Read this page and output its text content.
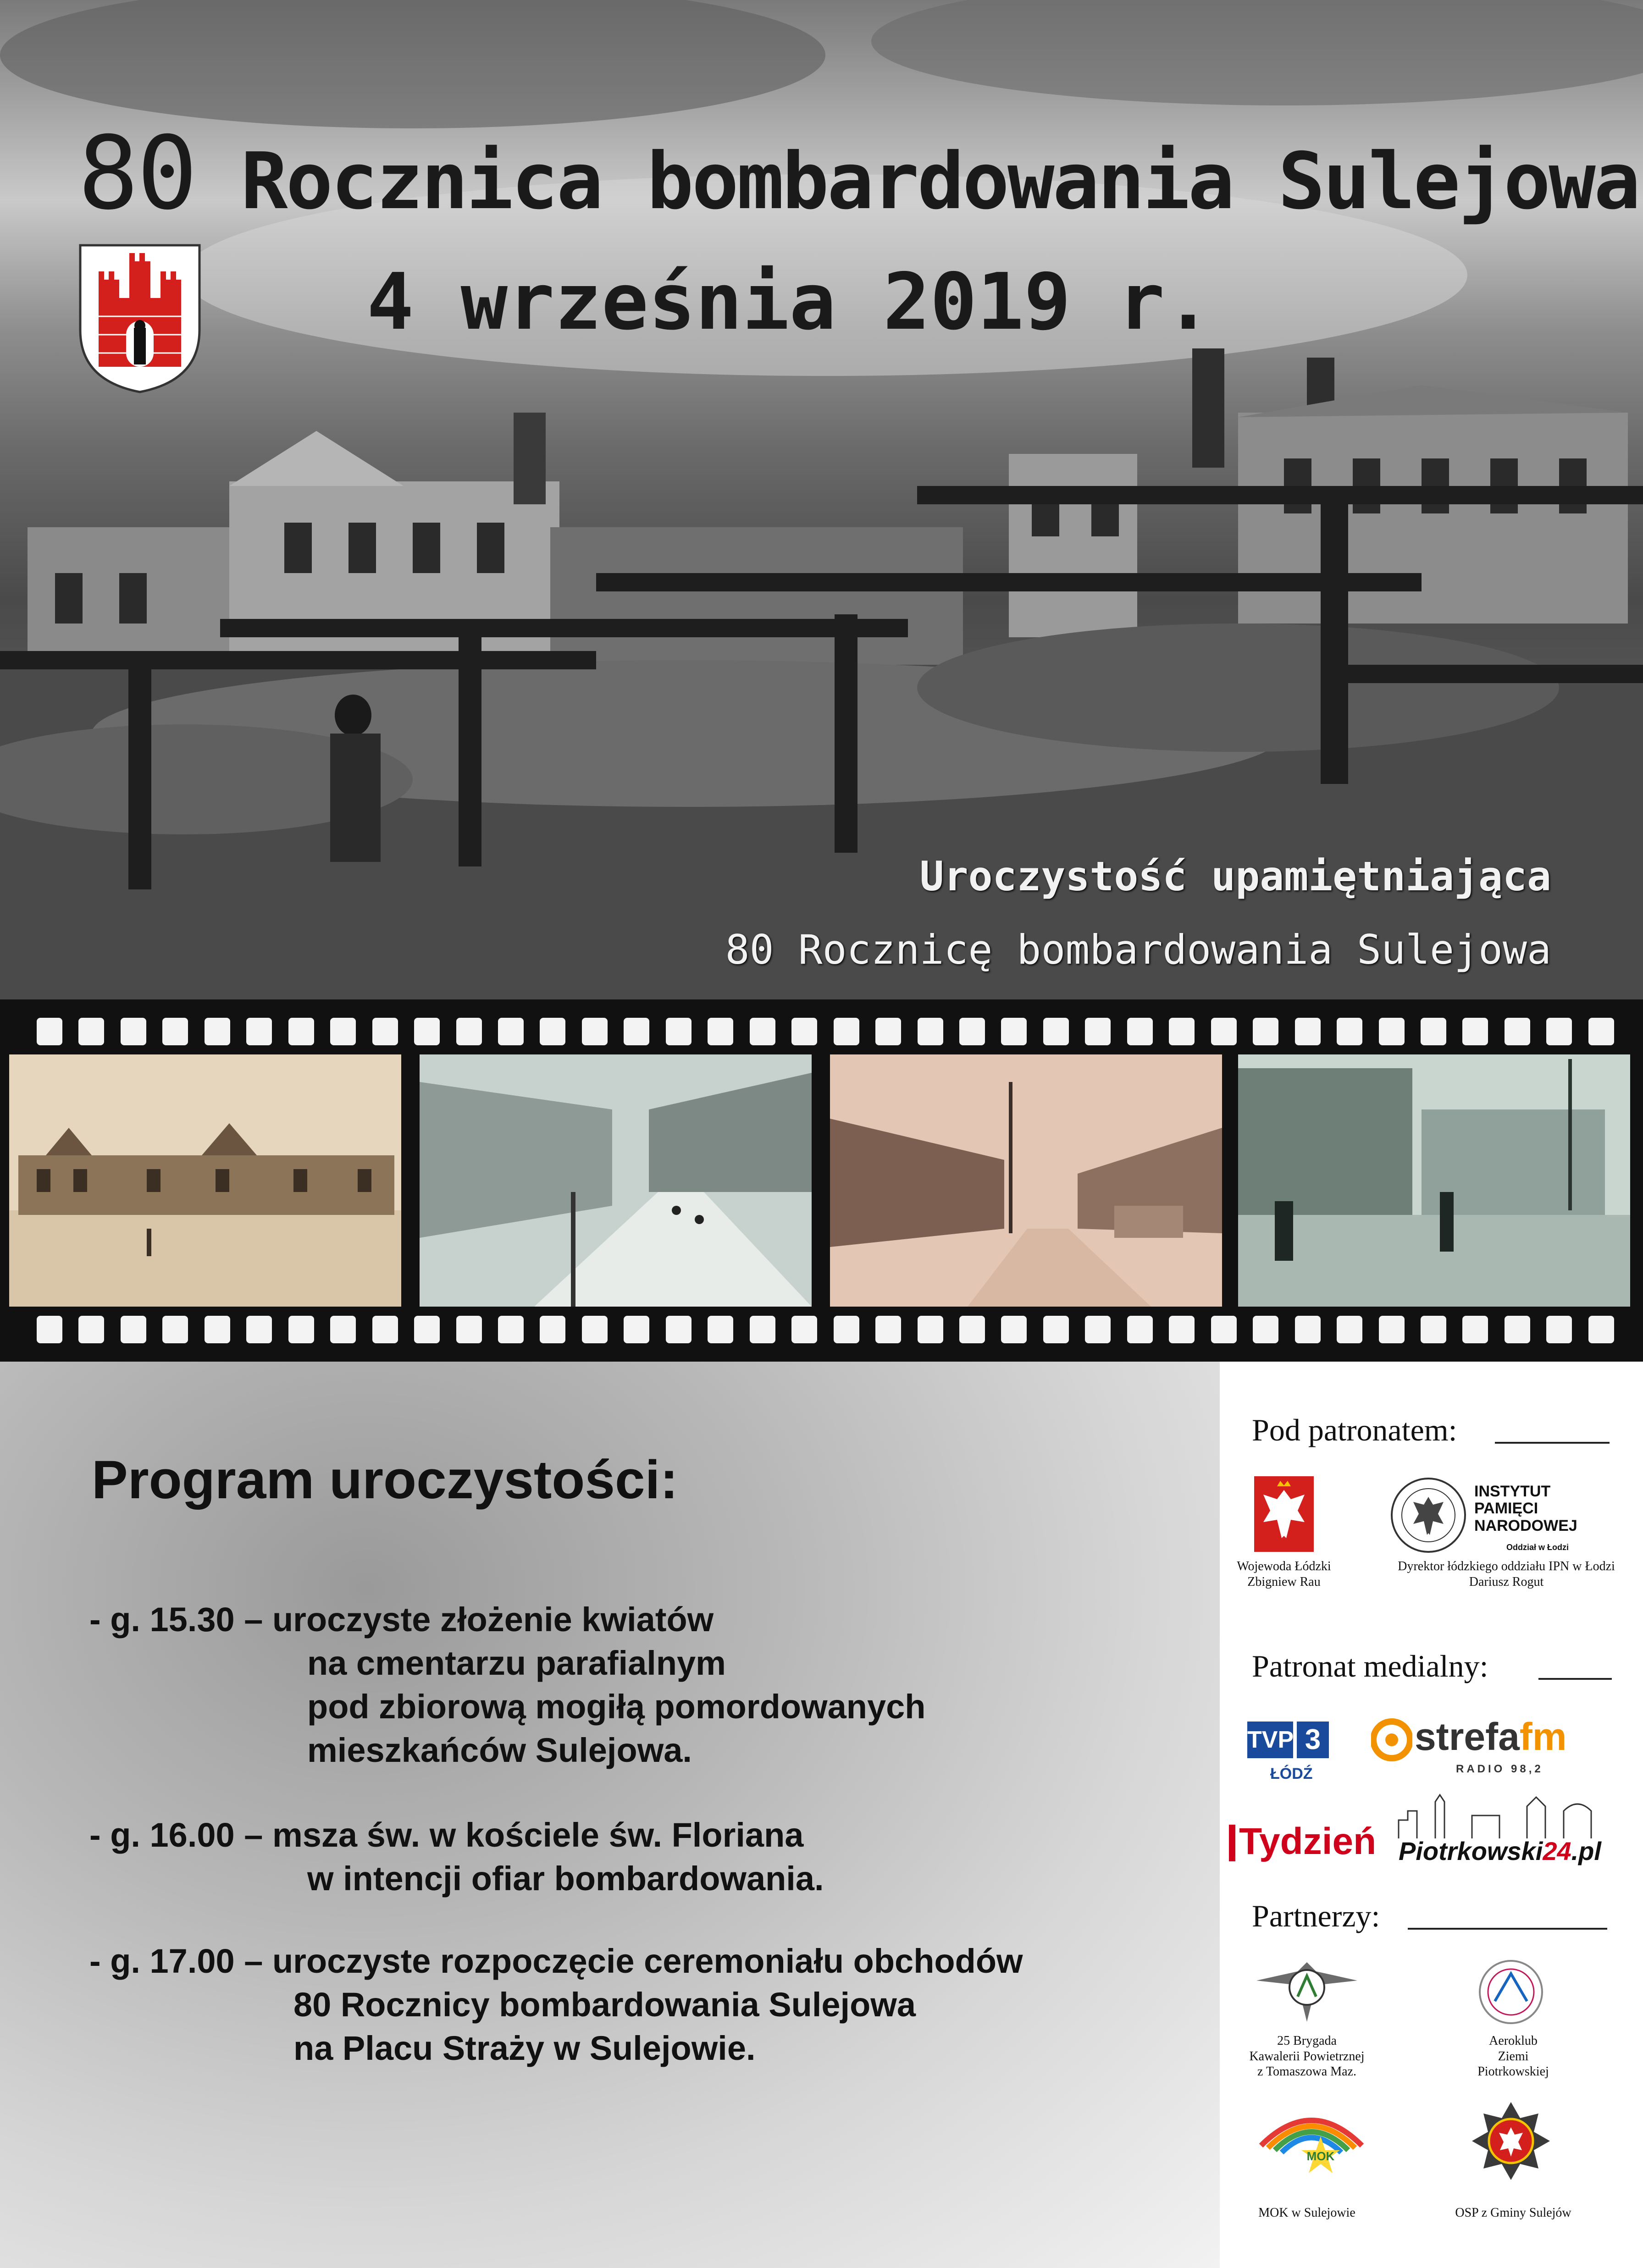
80 Rocznica bombardowania Sulejowa
4 września 2019 r.
Uroczystość upamiętniająca
80 Rocznicę bombardowania Sulejowa
Program uroczystości:
- g. 15.30 – uroczyste złożenie kwiatów
na cmentarzu parafialnym
pod zbiorową mogiłą pomordowanych
mieszkańców Sulejowa.
- g. 16.00 – msza św. w kościele św. Floriana
w intencji ofiar bombardowania.
- g. 17.00 – uroczyste rozpoczęcie ceremoniału obchodów
80 Rocznicy bombardowania Sulejowa
na Placu Straży w Sulejowie.
Pod patronatem:
Wojewoda Łódzki
Zbigniew Rau
INSTYTUT
PAMIĘCI
NARODOWEJ
Oddział w Łodzi
Dyrektor łódzkiego oddziału IPN w Łodzi
Dariusz Rogut
Patronat medialny:
TVP 3
ŁÓDŹ
strefafm
RADIO 98,2
Tydzień Piotrkowski24.pl
Partnerzy:
25 Brygada
Kawalerii Powietrznej
z Tomaszowa Maz.
Aeroklub
Ziemi
Piotrkowskiej
MOK
MOK w Sulejowie	OSP z Gminy Sulejów
